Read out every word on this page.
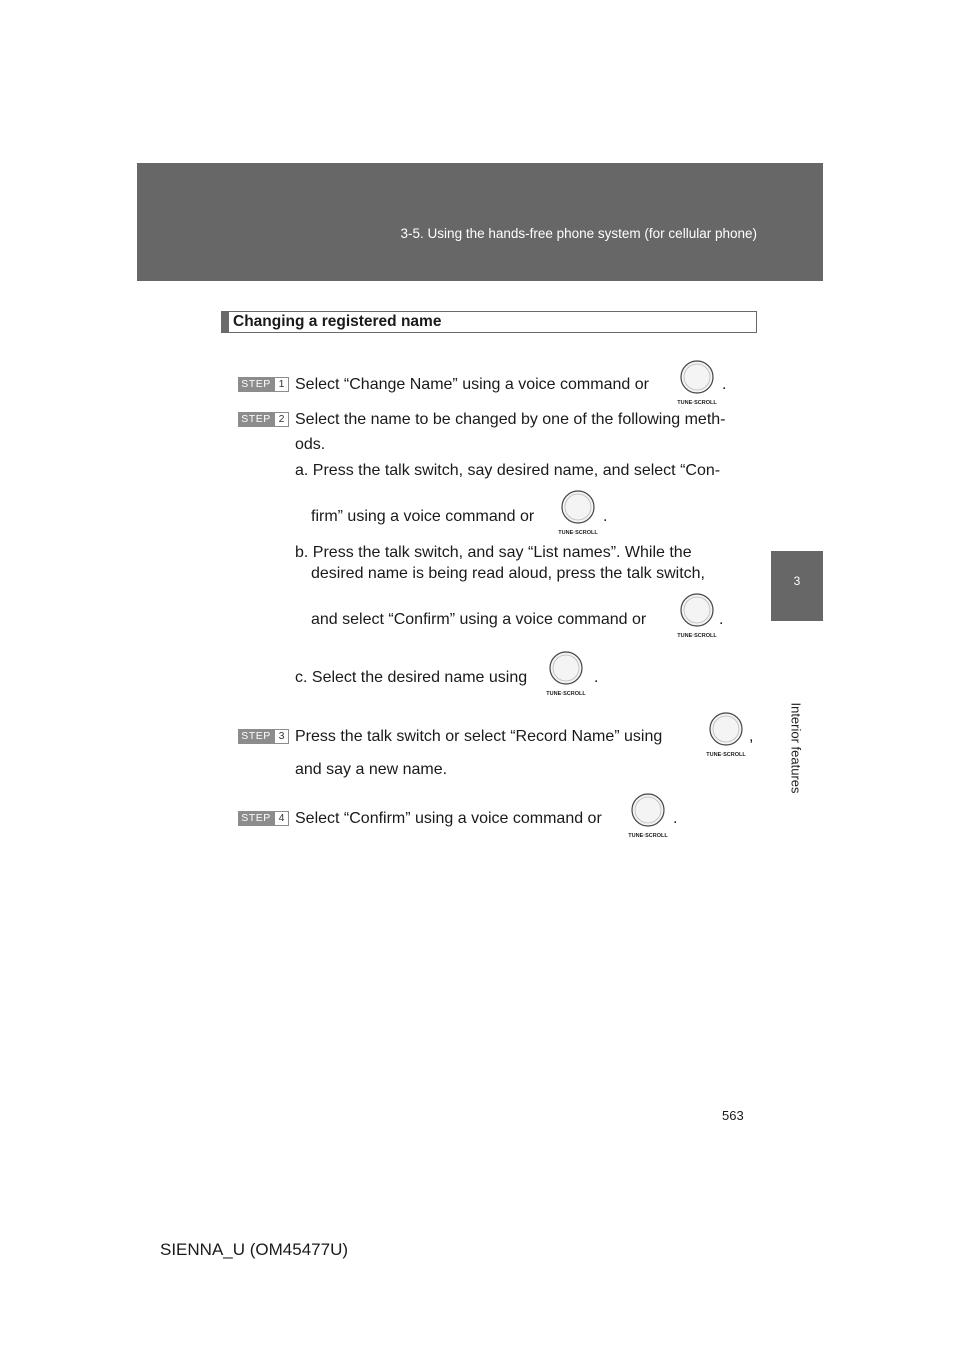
3-5. Using the hands-free phone system (for cellular phone)
3
Interior features
Changing a registered name
STEP 1 Select “Change Name” using a voice command or
TUNE·SCROLL
.
STEP 2 Select the name to be changed by one of the following meth-
ods.
a. Press the talk switch, say desired name, and select “Con-
firm” using a voice command or
TUNE·SCROLL
.
b. Press the talk switch, and say “List names”. While the
desired name is being read aloud, press the talk switch,
and select “Confirm” using a voice command or
TUNE·SCROLL
.
c. Select the desired name using
TUNE·SCROLL
.
STEP 3 Press the talk switch or select “Record Name” using
TUNE·SCROLL
,
and say a new name.
STEP 4 Select “Confirm” using a voice command or
TUNE·SCROLL
.
563
SIENNA_U (OM45477U)
